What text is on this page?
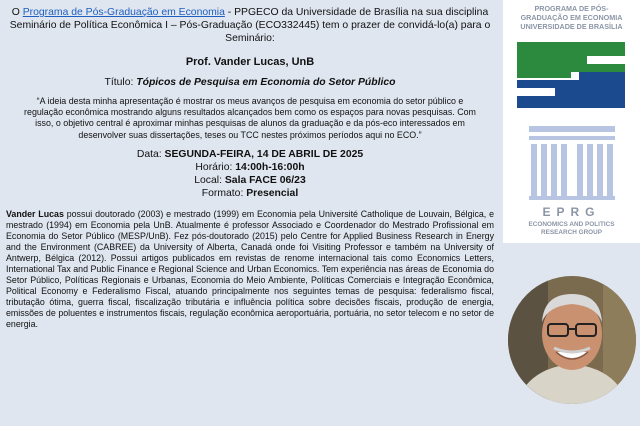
O Programa de Pós-Graduação em Economia - PPGECO da Universidade de Brasília na sua disciplina Seminário de Política Econômica I – Pós-Graduação (ECO332445) tem o prazer de convidá-lo(a) para o Seminário:

Prof. Vander Lucas, UnB
Título: Tópicos de Pesquisa em Economia do Setor Público
“A ideia desta minha apresentação é mostrar os meus avanços de pesquisa em economia do setor público e regulação econômica mostrando alguns resultados alcançados bem como os espaços para novas pesquisas. Com isso, o objetivo central é aproximar minhas pesquisas de alunos da graduação e da pós-eco interessados em desenvolver suas dissertações, teses ou TCC nestes próximos períodos aqui no ECO.”
Data: SEGUNDA-FEIRA, 14 DE ABRIL DE 2025
Horário: 14:00h-16:00h
Local: Sala FACE 06/23
Formato: Presencial
Vander Lucas possui doutorado (2003) e mestrado (1999) em Economia pela Université Catholique de Louvain, Bélgica, e mestrado (1994) em Economia pela UnB. Atualmente é professor Associado e Coordenador do Mestrado Profissional em Economia do Setor Público (MESP/UnB). Fez pós-doutorado (2015) pelo Centre for Applied Business Research in Energy and the Environment (CABREE) da University of Alberta, Canadá onde foi Visiting Professor e também na University of Antwerp, Bélgica (2012). Possui artigos publicados em revistas de renome internacional tais como Economics Letters, International Tax and Public Finance e Regional Science and Urban Economics. Tem experiência nas áreas de Economia do Setor Público, Políticas Regionais e Urbanas, Economia do Meio Ambiente, Políticas Comerciais e Integração Econômica, Political Economy e Federalismo Fiscal, atuando principalmente nos seguintes temas de pesquisa: federalismo fiscal, tributação ótima, guerra fiscal, fiscalização tributária e influência política sobre decisões fiscais, produção de energia, emissões de poluentes e instrumentos fiscais, regulação econômica aeroportuária, portuária, no setor telecom e no setor de energia.
PROGRAMA DE PÓS-
GRADUAÇÃO EM ECONOMIA
UNIVERSIDADE DE BRASÍLIA
EPRG
ECONOMICS AND POLITICS
RESEARCH GROUP
